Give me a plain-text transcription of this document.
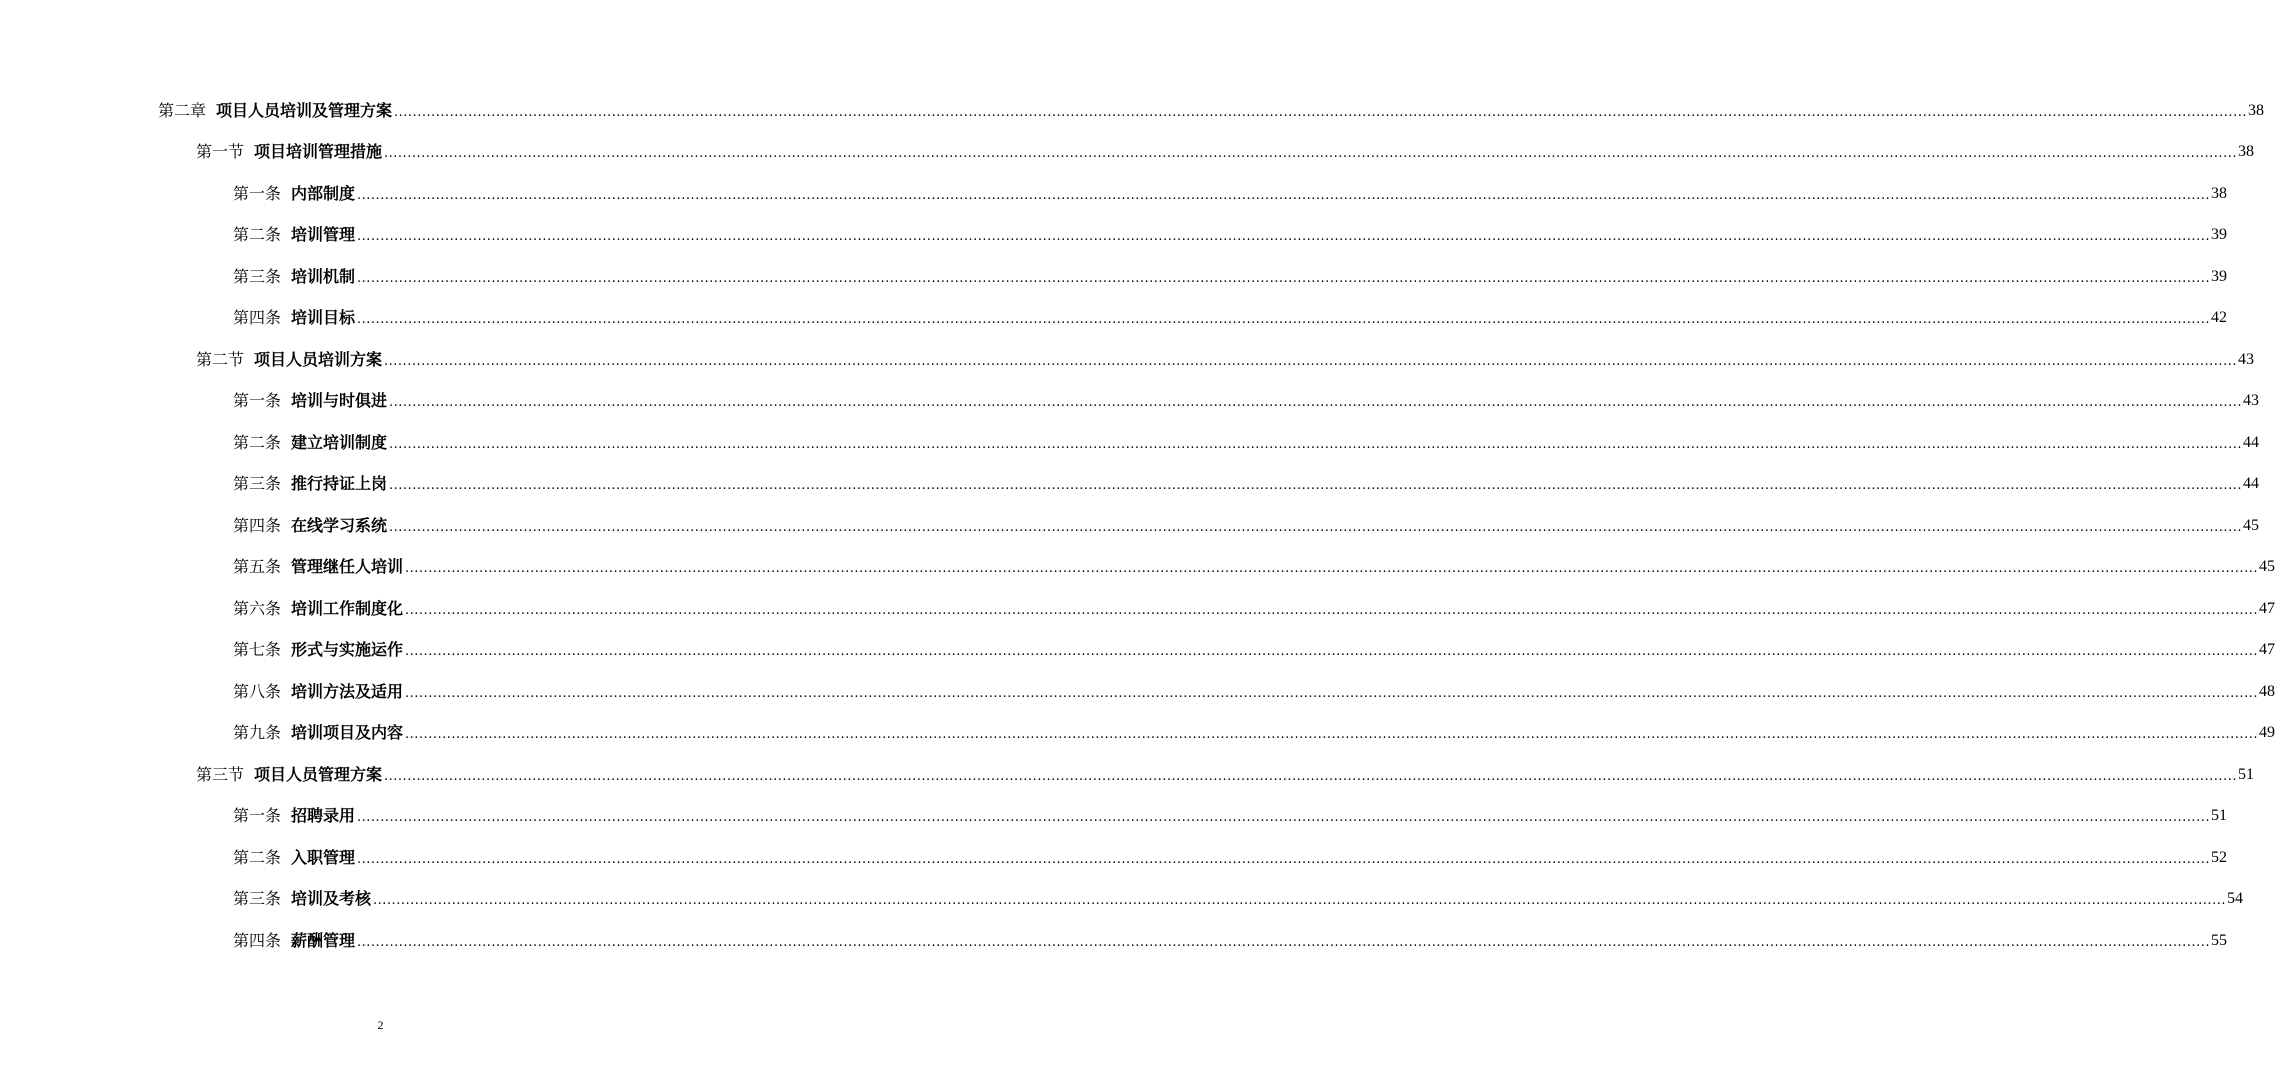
第二章 项目人员培训及管理方案 ................................................................................................................................................................................................................................................................................................................................................................................................................ 38
第一节 项目培训管理措施 ................................................................................................................................................................................................................................................................................................................................................................................................................ 38
第一条 内部制度 ................................................................................................................................................................................................................................................................................................................................................................................................................ 38
第二条 培训管理 ................................................................................................................................................................................................................................................................................................................................................................................................................ 39
第三条 培训机制 ................................................................................................................................................................................................................................................................................................................................................................................................................ 39
第四条 培训目标 ................................................................................................................................................................................................................................................................................................................................................................................................................ 42
第二节 项目人员培训方案 ................................................................................................................................................................................................................................................................................................................................................................................................................ 43
第一条 培训与时俱进 ................................................................................................................................................................................................................................................................................................................................................................................................................ 43
第二条 建立培训制度 ................................................................................................................................................................................................................................................................................................................................................................................................................ 44
第三条 推行持证上岗 ................................................................................................................................................................................................................................................................................................................................................................................................................ 44
第四条 在线学习系统 ................................................................................................................................................................................................................................................................................................................................................................................................................ 45
第五条 管理继任人培训 ................................................................................................................................................................................................................................................................................................................................................................................................................ 45
第六条 培训工作制度化 ................................................................................................................................................................................................................................................................................................................................................................................................................ 47
第七条 形式与实施运作 ................................................................................................................................................................................................................................................................................................................................................................................................................ 47
第八条 培训方法及适用 ................................................................................................................................................................................................................................................................................................................................................................................................................ 48
第九条 培训项目及内容 ................................................................................................................................................................................................................................................................................................................................................................................................................ 49
第三节 项目人员管理方案 ................................................................................................................................................................................................................................................................................................................................................................................................................ 51
第一条 招聘录用 ................................................................................................................................................................................................................................................................................................................................................................................................................ 51
第二条 入职管理 ................................................................................................................................................................................................................................................................................................................................................................................................................ 52
第三条 培训及考核 ................................................................................................................................................................................................................................................................................................................................................................................................................ 54
第四条 薪酬管理 ................................................................................................................................................................................................................................................................................................................................................................................................................ 55
2
